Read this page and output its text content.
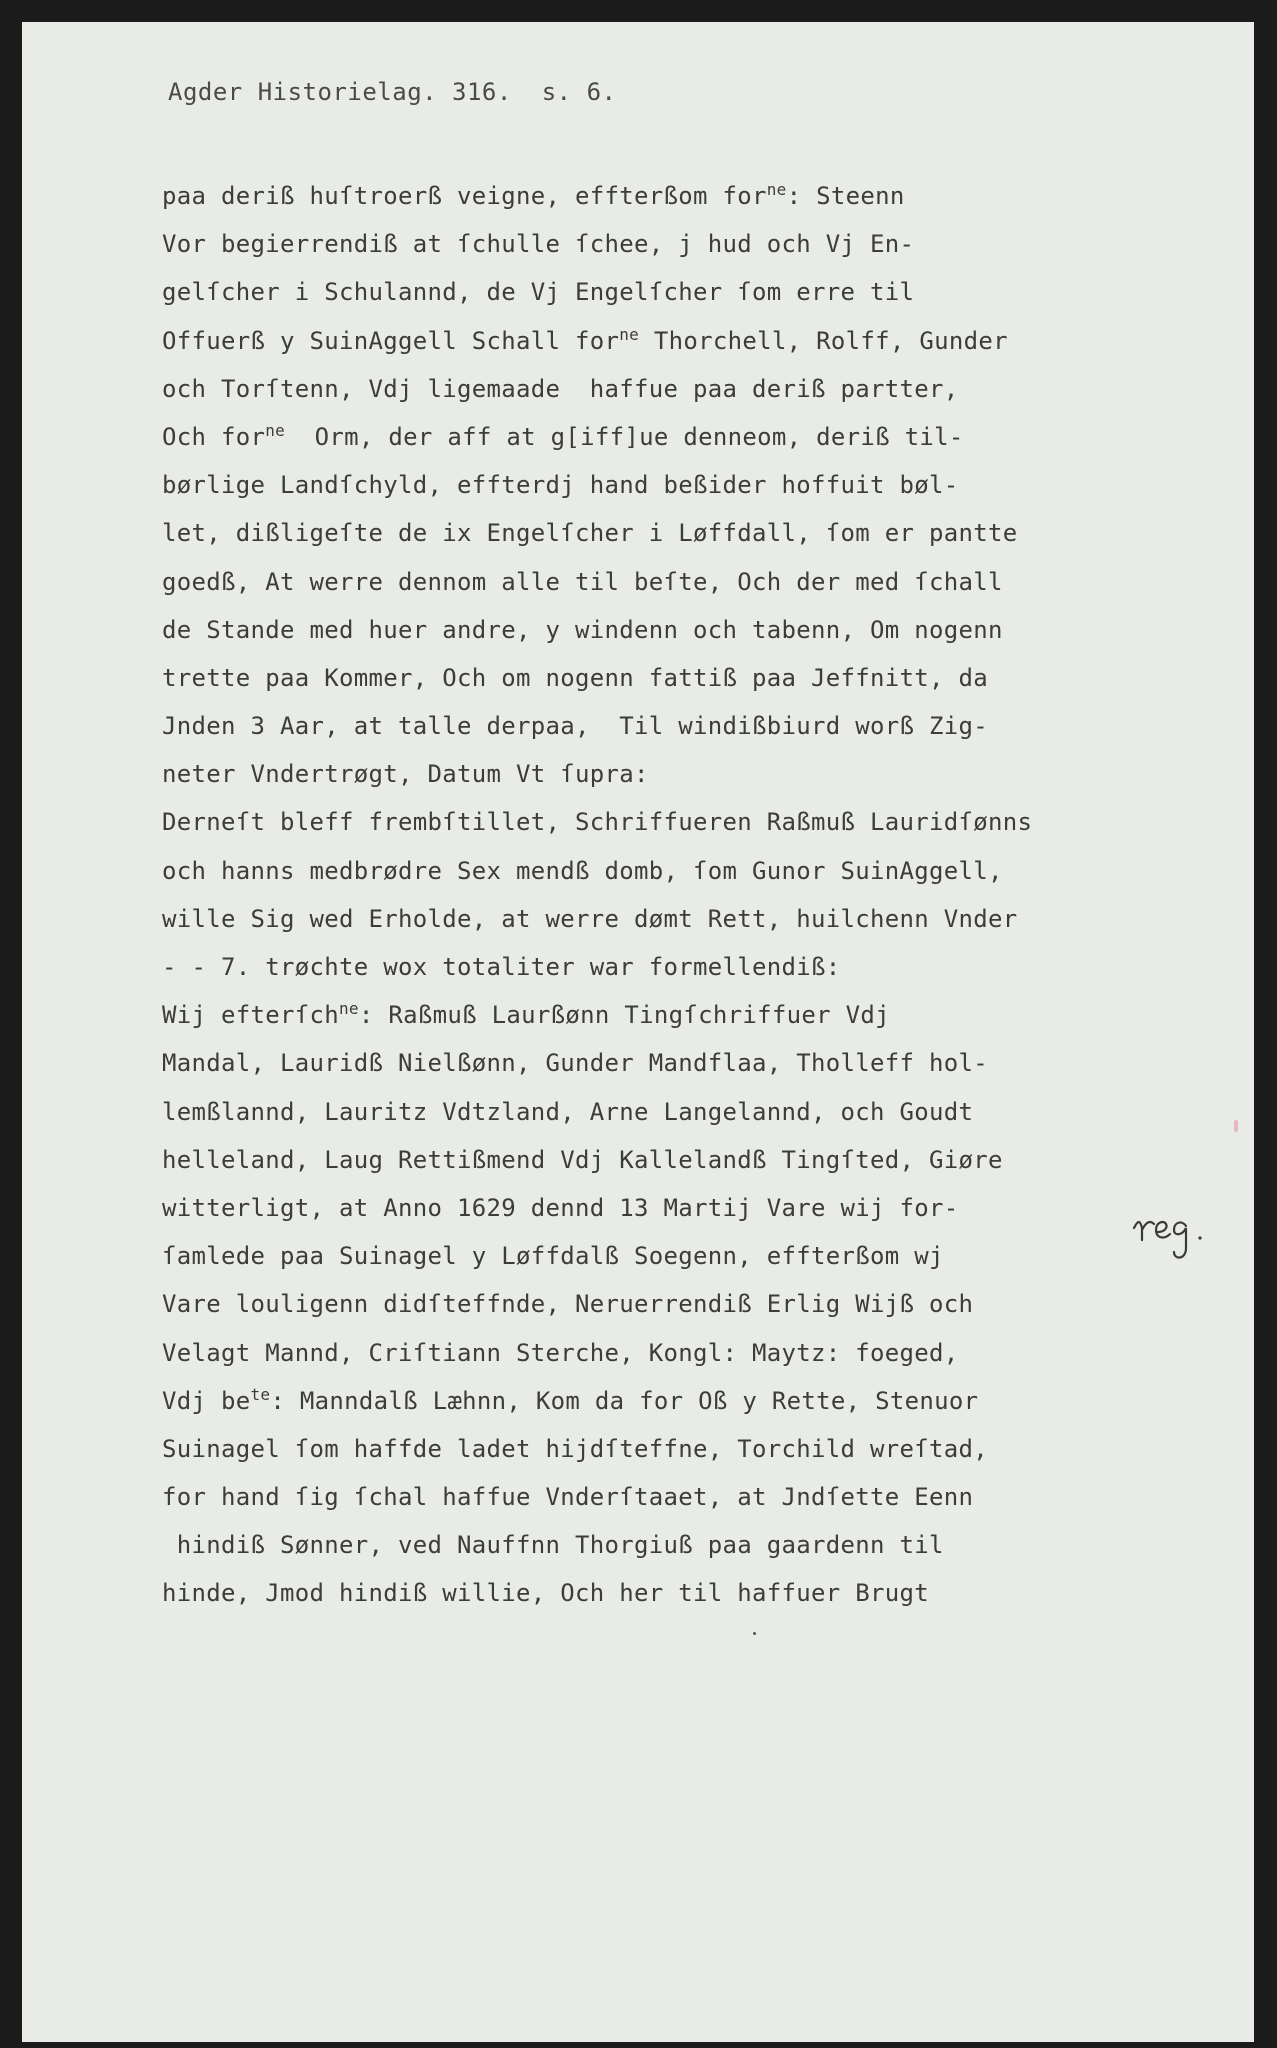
Agder Historielag. 316.  s. 6.
paa deriß huſtroerß veigne, effterßom for$^{ne}$: Steenn
Vor begierrendiß at ſchulle ſchee, j hud och Vj En-
gelſcher i Schulannd, de Vj Engelſcher ſom erre til
Offuerß y SuinAggell Schall for$^{ne}$ Thorchell, Rolff, Gunder
och Torſtenn, Vdj ligemaade  haffue paa deriß partter,
Och for$^{ne}$  Orm, der aff at g[iff]ue denneom, deriß til-
børlige Landſchyld, effterdj hand beßider hoffuit bøl-
let, dißligeſte de ix Engelſcher i Løffdall, ſom er pantte
goedß, At werre dennom alle til beſte, Och der med ſchall
de Stande med huer andre, y windenn och tabenn, Om nogenn
trette paa Kommer, Och om nogenn fattiß paa Jeffnitt, da
Jnden 3 Aar, at talle derpaa,  Til windißbiurd worß Zig-
neter Vndertrøgt, Datum Vt ſupra:
Derneſt bleff frembſtillet, Schriffueren Raßmuß Lauridſønns
och hanns medbrødre Sex mendß domb, ſom Gunor SuinAggell,
wille Sig wed Erholde, at werre dømt Rett, huilchenn Vnder
- - 7. trøchte wox totaliter war formellendiß:
Wij efterſch$^{ne}$: Raßmuß Laurßønn Tingſchriffuer Vdj
Mandal, Lauridß Nielßønn, Gunder Mandflaa, Tholleff hol-
lemßlannd, Lauritz Vdtzland, Arne Langelannd, och Goudt
helleland, Laug Rettißmend Vdj Kallelandß Tingſted, Giøre
witterligt, at Anno 1629 dennd 13 Martij Vare wij for-
ſamlede paa Suinagel y Løffdalß Soegenn, effterßom wj
Vare louligenn didſteffnde, Neruerrendiß Erlig Wijß och
Velagt Mannd, Criſtiann Sterche, Kongl: Maytz: foeged,
Vdj $be^{te}$: Manndalß Læhnn, Kom da for Oß y Rette, Stenuor
Suinagel ſom haffde ladet hijdſteffne, Torchild wreſtad,
for hand ſig ſchal haffue Vnderſtaaet, at Jndſette Eenn
hindiß Sønner, ved Nauffnn Thorgiuß paa gaardenn til
hinde, Jmod hindiß willie, Och her til haffuer Brugt
